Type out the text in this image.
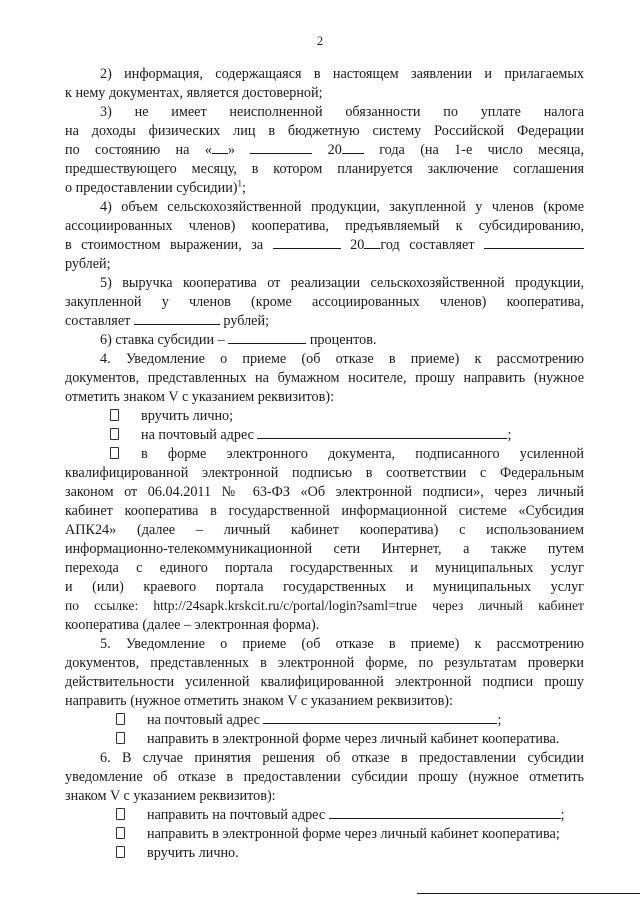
2
2) информация, содержащаяся в настоящем заявлении и прилагаемых
к нему документах, является достоверной;
3) не имеет неисполненной обязанности по уплате налога
на доходы физических лиц в бюджетную систему Российской Федерации
по состоянию на « »	20	года (на 1-е число месяца,
предшествующего месяцу, в котором планируется заключение соглашения
о предоставлении субсидии)$^1$;
4) объем сельскохозяйственной продукции, закупленной у членов (кроме
ассоциированных членов) кооператива, предъявляемый к субсидированию,
в стоимостном выражении, за	20 год составляет
рублей;
5) выручка кооператива от реализации сельскохозяйственной продукции,
закупленной у членов (кроме ассоциированных членов) кооператива,
составляет	рублей;
6) ставка субсидии –	процентов.
4. Уведомление о приеме (об отказе в приеме) к рассмотрению
документов, представленных на бумажном носителе, прошу направить (нужное
отметить знаком V с указанием реквизитов):
вручить лично;
на почтовый адрес	;
в форме электронного документа, подписанного усиленной
квалифицированной электронной подписью в соответствии с Федеральным
законом от 06.04.2011 № 63-ФЗ «Об электронной подписи», через личный
кабинет кооператива в государственной информационной системе «Субсидия
АПК24» (далее – личный кабинет кооператива) с использованием
информационно-телекоммуникационной сети Интернет, а также путем
перехода с единого портала государственных и муниципальных услуг
и (или) краевого портала государственных и муниципальных услуг
по ссылке: http://24sapk.krskcit.ru/c/portal/login?saml=true через личный кабинет
кооператива (далее – электронная форма).
5. Уведомление о приеме (об отказе в приеме) к рассмотрению
документов, представленных в электронной форме, по результатам проверки
действительности усиленной квалифицированной электронной подписи прошу
направить (нужное отметить знаком V с указанием реквизитов):
на почтовый адрес	;
направить в электронной форме через личный кабинет кооператива.
6. В случае принятия решения об отказе в предоставлении субсидии
уведомление об отказе в предоставлении субсидии прошу (нужное отметить
знаком V с указанием реквизитов):
направить на почтовый адрес	;
направить в электронной форме через личный кабинет кооператива;
вручить лично.
